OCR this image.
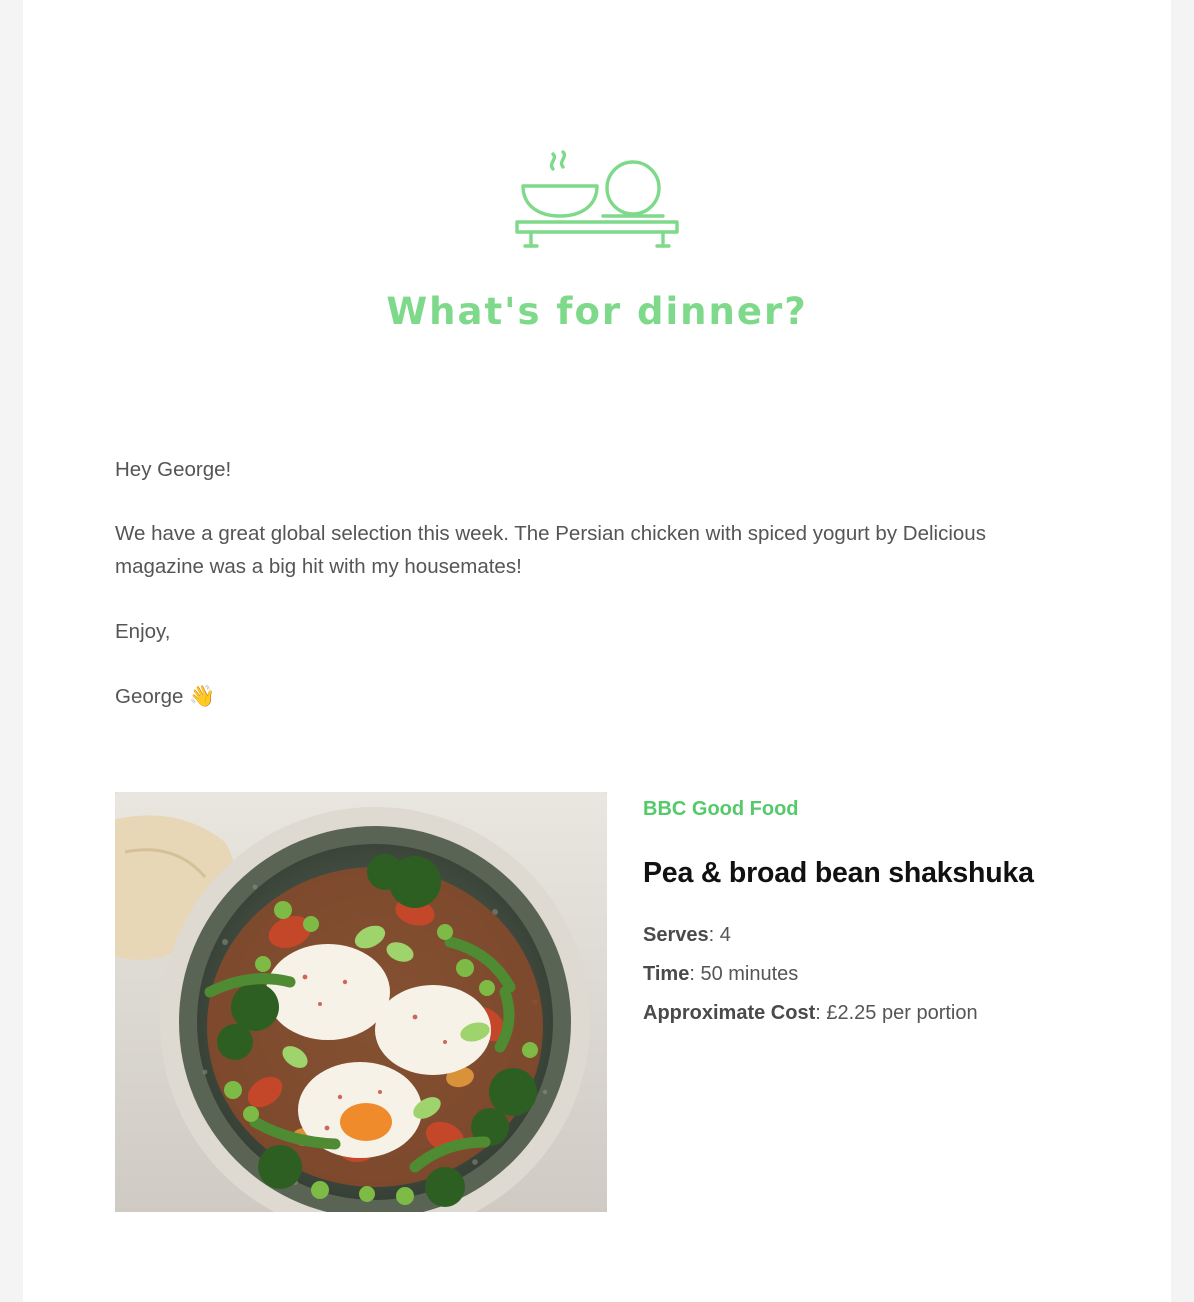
What's for dinner?

Hey George!

We have a great global selection this week. The Persian chicken with spiced yogurt by Delicious magazine was a big hit with my housemates!

Enjoy,

George 👋

BBC Good Food
Pea & broad bean shakshuka

Serves: 4

Time: 50 minutes

Approximate Cost: £2.25 per portion
